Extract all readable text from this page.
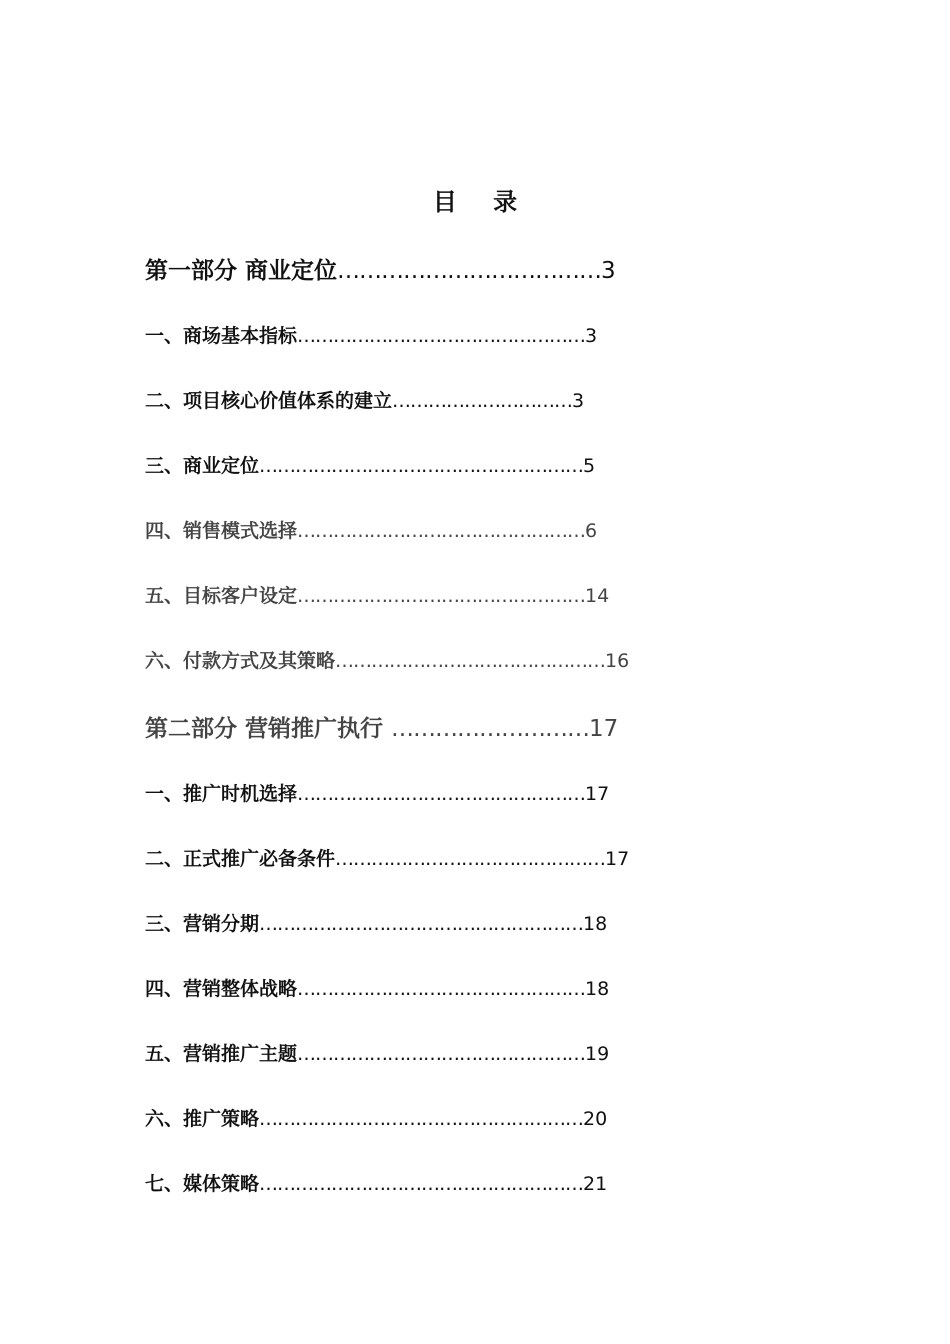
目 录
第一部分 商业定位………………………………3
一、商场基本指标…………………………………………3
二、项目核心价值体系的建立…………………………3
三、商业定位………………………………………………5
四、销售模式选择…………………………………………6
五、目标客户设定…………………………………………14
六、付款方式及其策略………………………………………16
第二部分 营销推广执行 ………………………17
一、推广时机选择…………………………………………17
二、正式推广必备条件………………………………………17
三、营销分期………………………………………………18
四、营销整体战略…………………………………………18
五、营销推广主题…………………………………………19
六、推广策略………………………………………………20
七、媒体策略………………………………………………21
